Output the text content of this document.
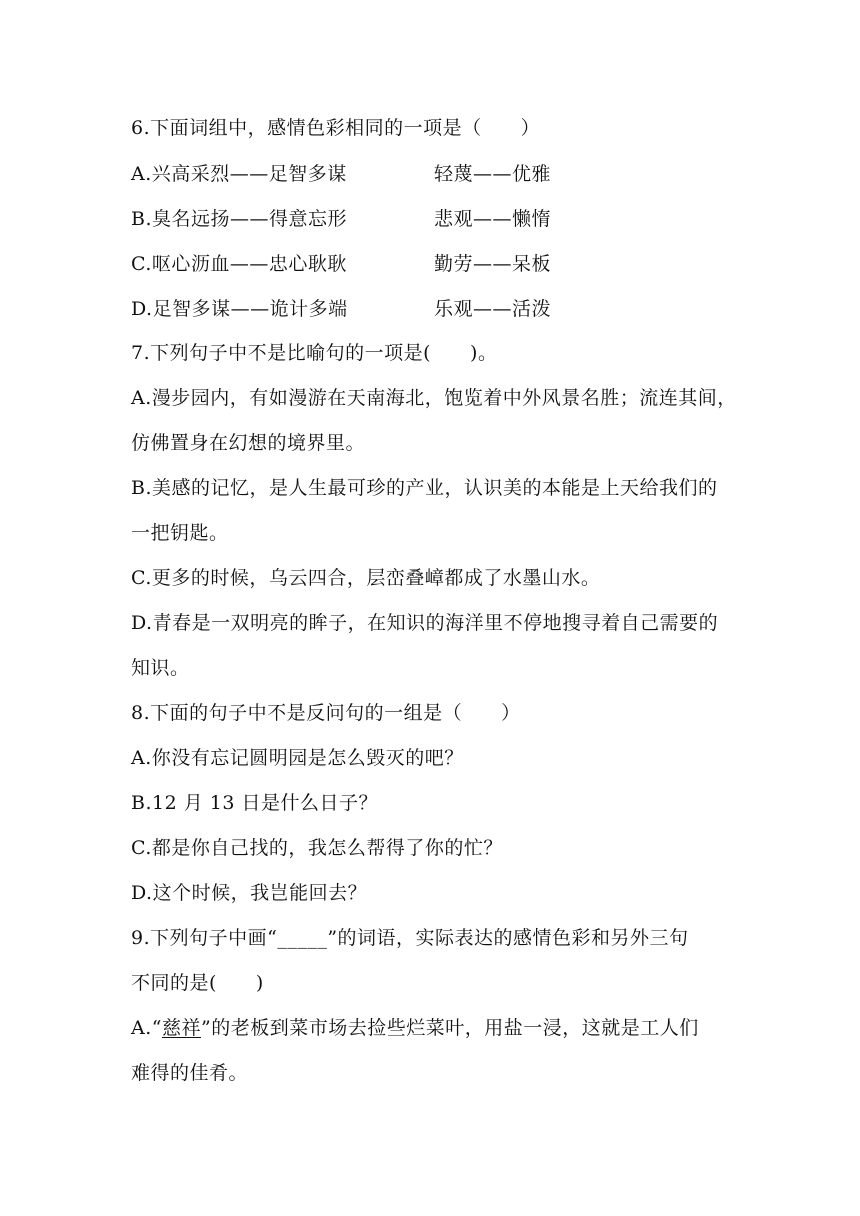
6.下面词组中，感情色彩相同的一项是（　　）
A.兴高采烈——足智多谋	轻蔑——优雅
B.臭名远扬——得意忘形	悲观——懒惰
C.呕心沥血——忠心耿耿	勤劳——呆板
D.足智多谋——诡计多端	乐观——活泼
7.下列句子中不是比喻句的一项是(　　)。
A.漫步园内，有如漫游在天南海北，饱览着中外风景名胜；流连其间，
仿佛置身在幻想的境界里。
B.美感的记忆，是人生最可珍的产业，认识美的本能是上天给我们的
一把钥匙。
C.更多的时候，乌云四合，层峦叠嶂都成了水墨山水。
D.青春是一双明亮的眸子，在知识的海洋里不停地搜寻着自己需要的
知识。
8.下面的句子中不是反问句的一组是（　　）
A.你没有忘记圆明园是怎么毁灭的吧？
B.12 月 13 日是什么日子？
C.都是你自己找的，我怎么帮得了你的忙？
D.这个时候，我岂能回去？
9.下列句子中画“_____”的词语，实际表达的感情色彩和另外三句
不同的是(　　)
A.“慈祥”的老板到菜市场去捡些烂菜叶，用盐一浸，这就是工人们
难得的佳肴。
